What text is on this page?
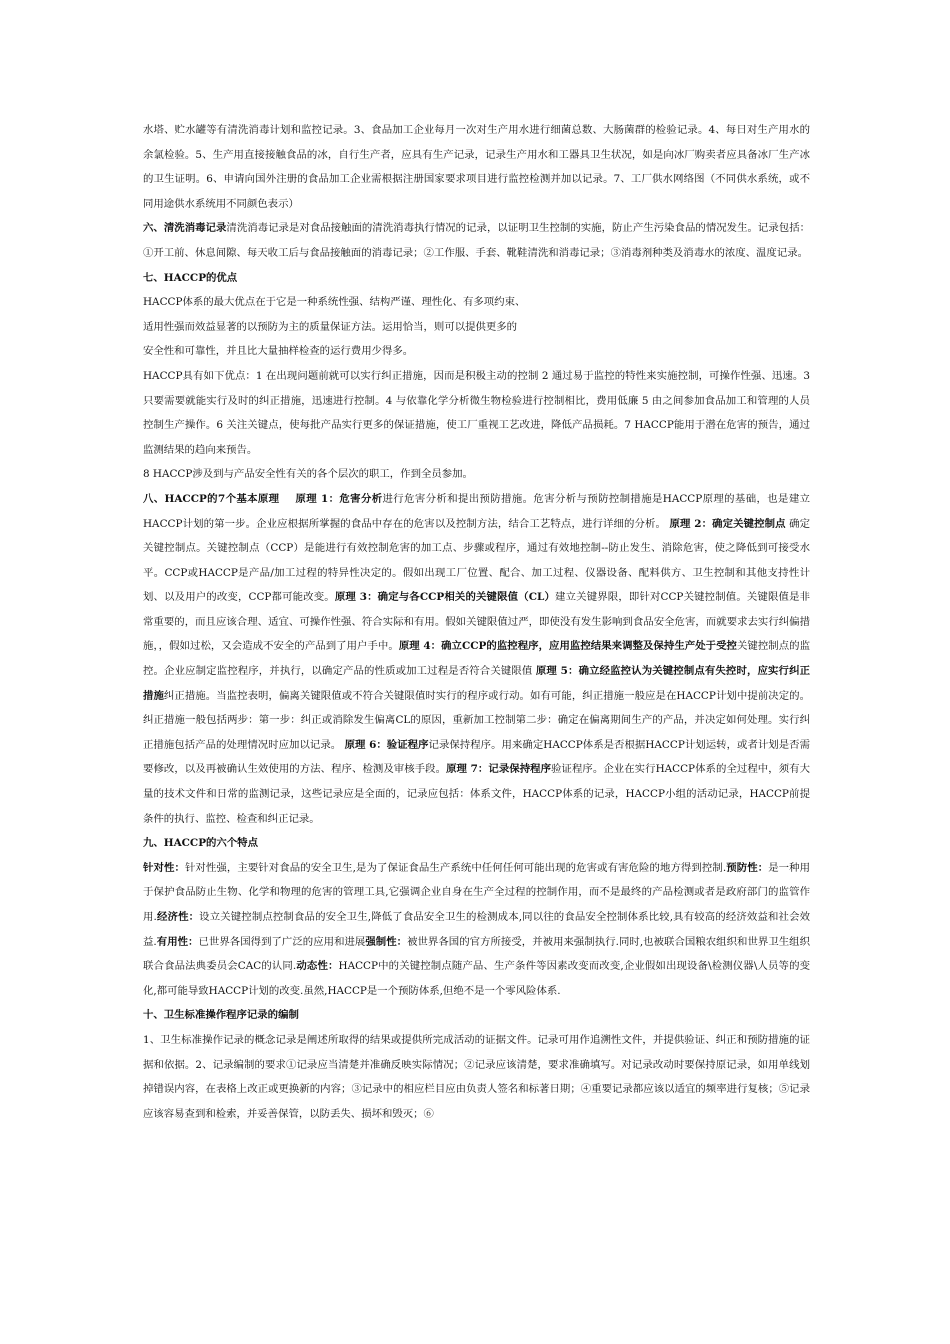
水塔、贮水罐等有清洗消毒计划和监控记录。3、食品加工企业每月一次对生产用水进行细菌总数、大肠菌群的检验记录。4、每日对生产用水的余氯检验。5、生产用直接接触食品的冰，自行生产者，应具有生产记录，记录生产用水和工器具卫生状况，如是向冰厂购卖者应具备冰厂生产冰的卫生证明。6、申请向国外注册的食品加工企业需根据注册国家要求项目进行监控检测并加以记录。7、工厂供水网络图（不同供水系统，或不同用途供水系统用不同颜色表示）

六、清洗消毒记录清洗消毒记录是对食品接触面的清洗消毒执行情况的记录，以证明卫生控制的实施，防止产生污染食品的情况发生。记录包括：①开工前、休息间隙、每天收工后与食品接触面的消毒记录；②工作服、手套、靴鞋清洗和消毒记录；③消毒剂种类及消毒水的浓度、温度记录。

七、HACCP的优点

HACCP体系的最大优点在于它是一种系统性强、结构严谨、理性化、有多项约束、

适用性强而效益显著的以预防为主的质量保证方法。运用恰当，则可以提供更多的

安全性和可靠性，并且比大量抽样检查的运行费用少得多。

HACCP具有如下优点：1 在出现问题前就可以实行纠正措施，因而是积极主动的控制 2 通过易于监控的特性来实施控制，可操作性强、迅速。3 只要需要就能实行及时的纠正措施，迅速进行控制。4 与依靠化学分析微生物检验进行控制相比，费用低廉 5 由之间参加食品加工和管理的人员控制生产操作。6 关注关键点，使每批产品实行更多的保证措施，使工厂重视工艺改进，降低产品损耗。7 HACCP能用于潜在危害的预告，通过监测结果的趋向来预告。

8 HACCP涉及到与产品安全性有关的各个层次的职工，作到全员参加。

八、HACCP的7个基本原理   原理 1：危害分析进行危害分析和提出预防措施。危害分析与预防控制措施是HACCP原理的基础，也是建立HACCP计划的第一步。企业应根据所掌握的食品中存在的危害以及控制方法，结合工艺特点，进行详细的分析。 原理 2：确定关键控制点 确定关键控制点。关键控制点（CCP）是能进行有效控制危害的加工点、步骤或程序，通过有效地控制--防止发生、消除危害，使之降低到可接受水平。CCP或HACCP是产品/加工过程的特异性决定的。假如出现工厂位置、配合、加工过程、仪器设备、配料供方、卫生控制和其他支持性计划、以及用户的改变，CCP都可能改变。原理 3：确定与各CCP相关的关键限值（CL）建立关键界限，即针对CCP关键控制值。关键限值是非常重要的，而且应该合理、适宜、可操作性强、符合实际和有用。假如关键限值过严，即使没有发生影响到食品安全危害，而就要求去实行纠偏措施，，假如过松，又会造成不安全的产品到了用户手中。原理 4：确立CCP的监控程序，应用监控结果来调整及保持生产处于受控关键控制点的监控。企业应制定监控程序，并执行，以确定产品的性质或加工过程是否符合关键限值 原理 5：确立经监控认为关键控制点有失控时，应实行纠正措施纠正措施。当监控表明，偏离关键限值或不符合关键限值时实行的程序或行动。如有可能，纠正措施一般应是在HACCP计划中提前决定的。纠正措施一般包括两步：第一步：纠正或消除发生偏离CL的原因，重新加工控制第二步：确定在偏离期间生产的产品，并决定如何处理。实行纠正措施包括产品的处理情况时应加以记录。 原理 6：验证程序记录保持程序。用来确定HACCP体系是否根据HACCP计划运转，或者计划是否需要修改，以及再被确认生效使用的方法、程序、检测及审核手段。原理 7：记录保持程序验证程序。企业在实行HACCP体系的全过程中，须有大量的技术文件和日常的监测记录，这些记录应是全面的，记录应包括：体系文件，HACCP体系的记录，HACCP小组的活动记录，HACCP前提条件的执行、监控、检查和纠正记录。

九、HACCP的六个特点

针对性：针对性强，主要针对食品的安全卫生,是为了保证食品生产系统中任何任何可能出现的危害或有害危险的地方得到控制.预防性：是一种用于保护食品防止生物、化学和物理的危害的管理工具,它强调企业自身在生产全过程的控制作用，而不是最终的产品检测或者是政府部门的监管作用.经济性：设立关键控制点控制食品的安全卫生,降低了食品安全卫生的检测成本,同以往的食品安全控制体系比较,具有较高的经济效益和社会效益.有用性：已世界各国得到了广泛的应用和进展强制性：被世界各国的官方所接受，并被用来强制执行.同时,也被联合国粮农组织和世界卫生组织联合食品法典委员会CAC的认同.动态性：HACCP中的关键控制点随产品、生产条件等因素改变而改变,企业假如出现设备\检测仪器\人员等的变化,都可能导致HACCP计划的改变.虽然,HACCP是一个预防体系,但绝不是一个零风险体系.

十、卫生标准操作程序记录的编制

1、卫生标准操作记录的概念记录是阐述所取得的结果或提供所完成活动的证据文件。记录可用作追溯性文件，并提供验证、纠正和预防措施的证据和依据。2、记录编制的要求①记录应当清楚并准确反映实际情况；②记录应该清楚，要求准确填写。对记录改动时要保持原记录，如用单线划掉错误内容，在表格上改正或更换新的内容；③记录中的相应栏目应由负责人签名和标著日期；④重要记录都应该以适宜的频率进行复核；⑤记录应该容易查到和检索，并妥善保管，以防丢失、损坏和毁灭；⑥
